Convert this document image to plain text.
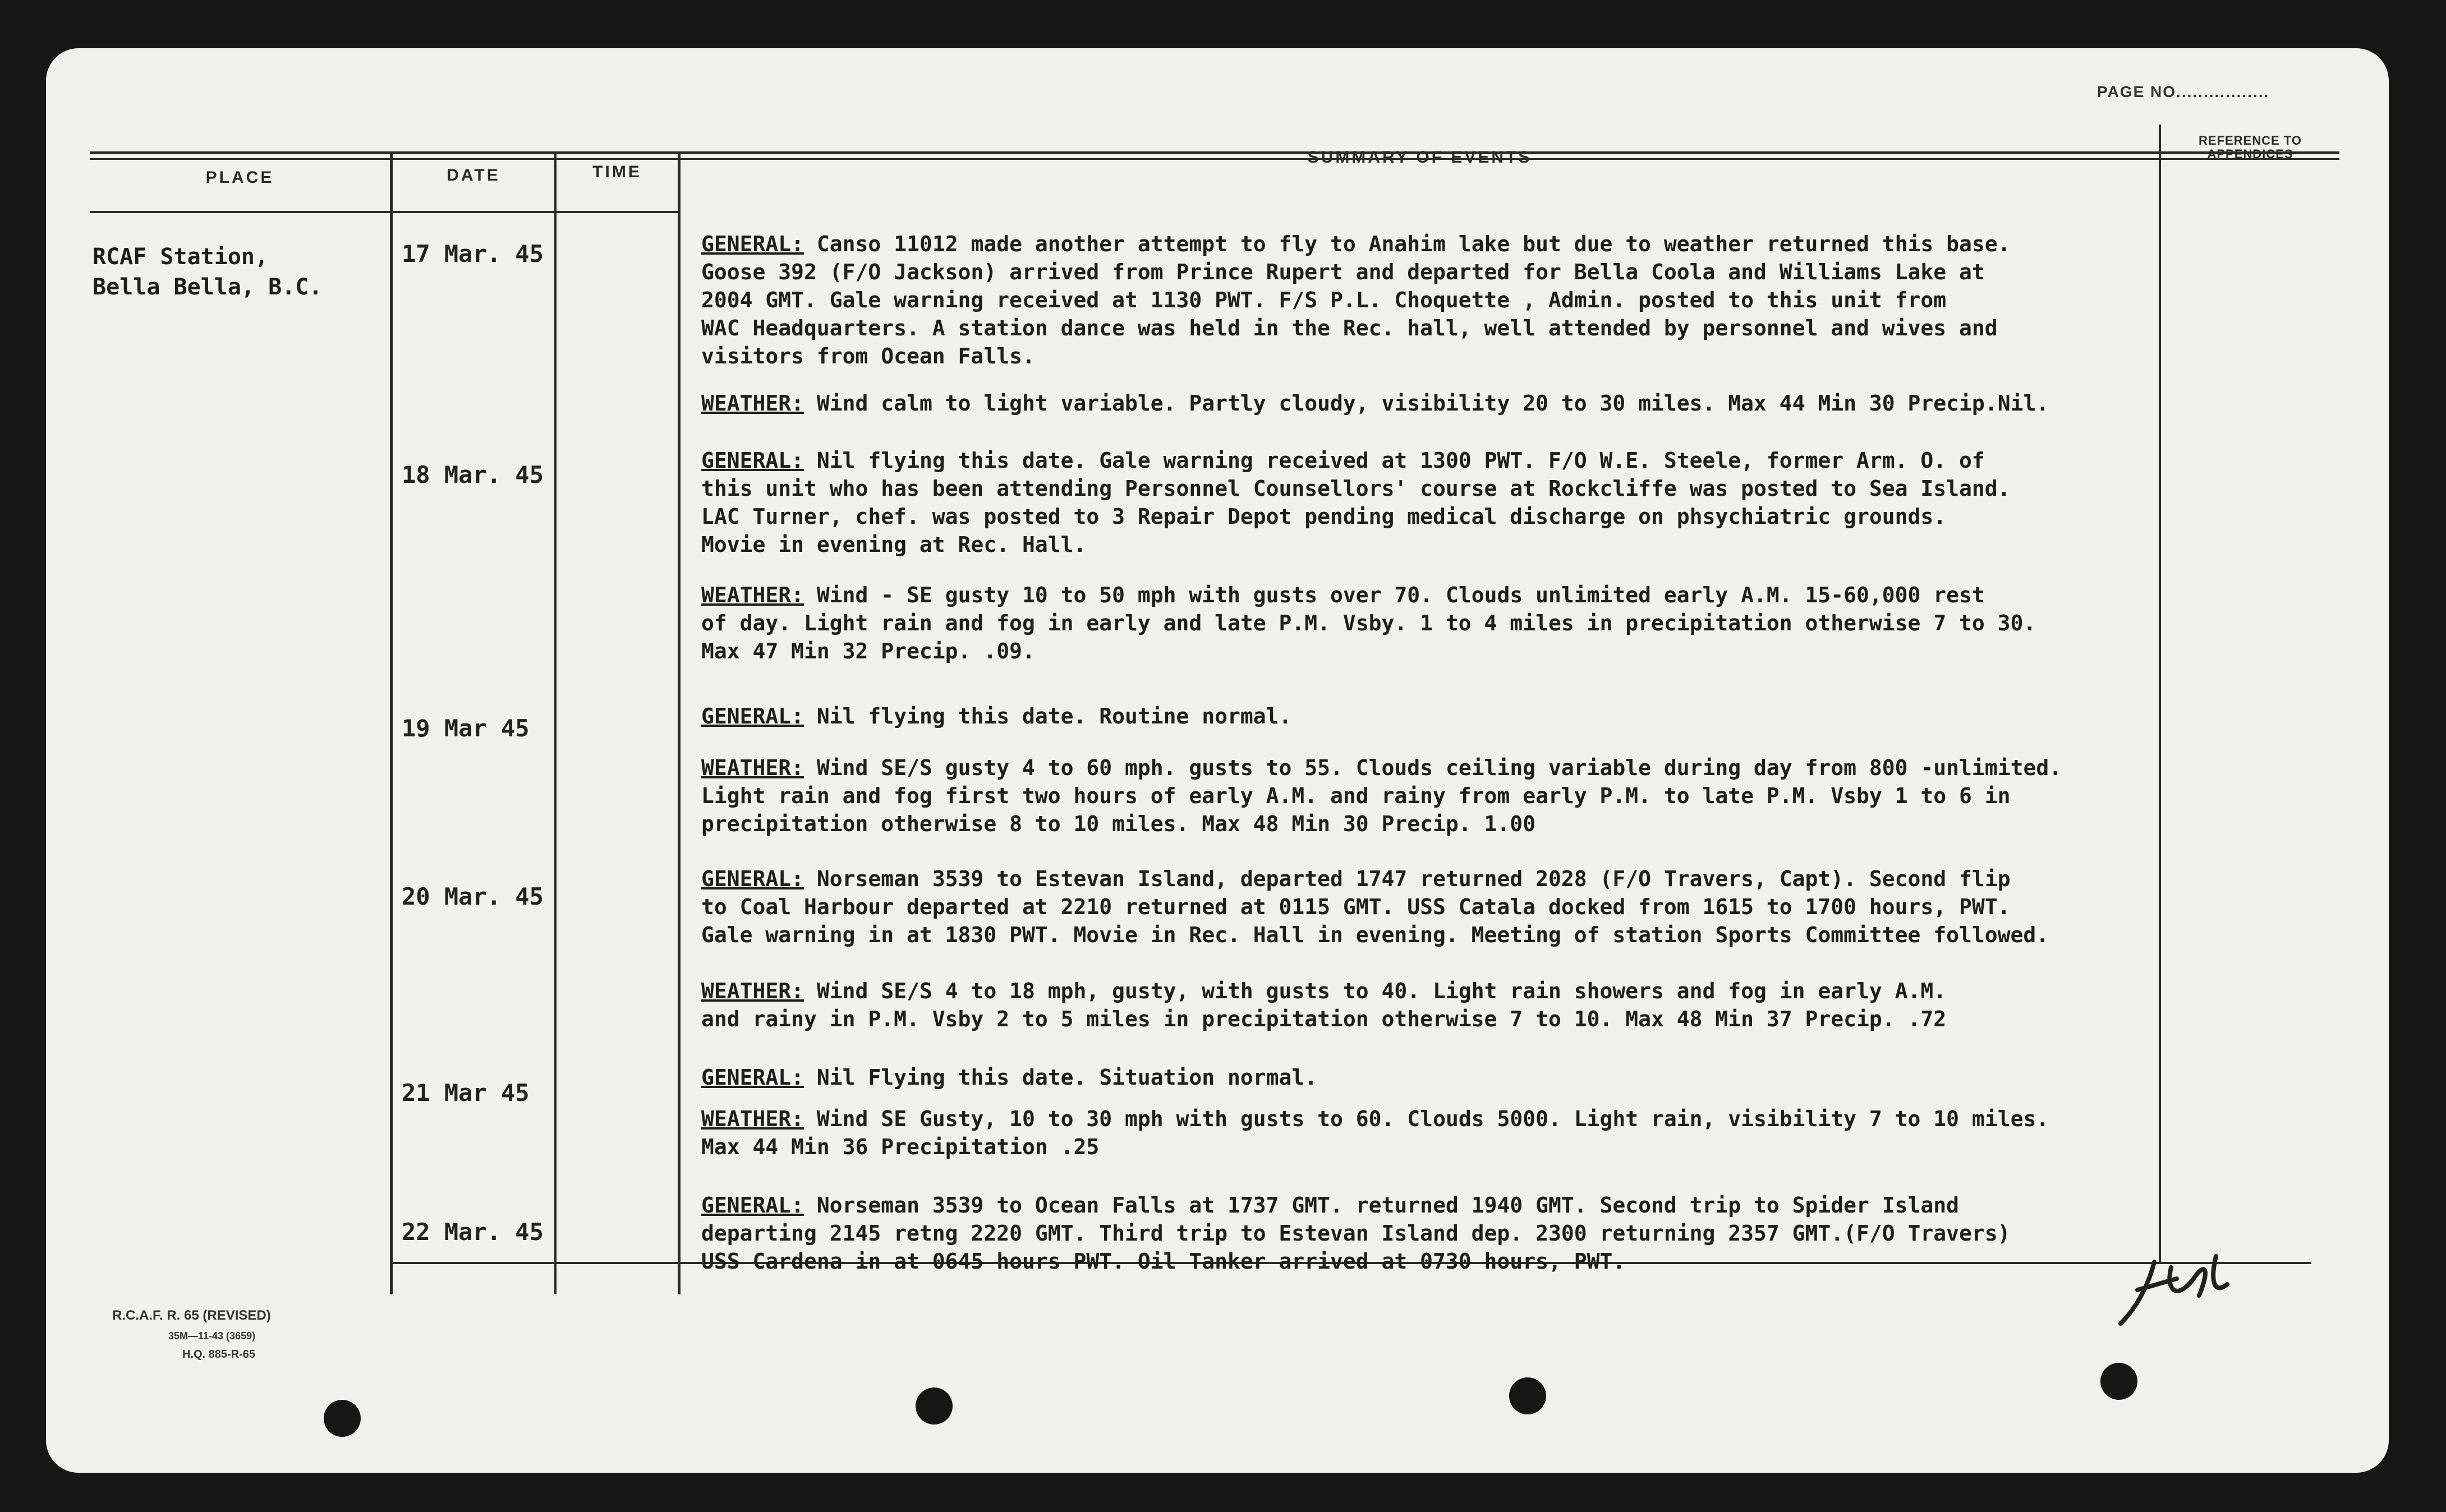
PAGE NO.................
PLACE	DATE	TIME
SUMMARY OF EVENTS
REFERENCE TO
APPENDICES
RCAF Station,
Bella Bella, B.C.
17 Mar. 45
18 Mar. 45
19 Mar 45
20 Mar. 45
21 Mar 45
22 Mar. 45
GENERAL: Canso 11012 made another attempt to fly to Anahim lake but due to weather returned this base.
Goose 392 (F/O Jackson) arrived from Prince Rupert and departed for Bella Coola and Williams Lake at
2004 GMT. Gale warning received at 1130 PWT. F/S P.L. Choquette , Admin. posted to this unit from
WAC Headquarters. A station dance was held in the Rec. hall, well attended by personnel and wives and
visitors from Ocean Falls.
WEATHER: Wind calm to light variable. Partly cloudy, visibility 20 to 30 miles. Max 44 Min 30 Precip.Nil.
GENERAL: Nil flying this date. Gale warning received at 1300 PWT. F/O W.E. Steele, former Arm. O. of
this unit who has been attending Personnel Counsellors' course at Rockcliffe was posted to Sea Island.
LAC Turner, chef. was posted to 3 Repair Depot pending medical discharge on phsychiatric grounds.
Movie in evening at Rec. Hall.
WEATHER: Wind - SE gusty 10 to 50 mph with gusts over 70. Clouds unlimited early A.M. 15-60,000 rest
of day. Light rain and fog in early and late P.M. Vsby. 1 to 4 miles in precipitation otherwise 7 to 30.
Max 47 Min 32 Precip. .09.
GENERAL: Nil flying this date. Routine normal.
WEATHER: Wind SE/S gusty 4 to 60 mph. gusts to 55. Clouds ceiling variable during day from 800 -unlimited.
Light rain and fog first two hours of early A.M. and rainy from early P.M. to late P.M. Vsby 1 to 6 in
precipitation otherwise 8 to 10 miles. Max 48 Min 30 Precip. 1.00
GENERAL: Norseman 3539 to Estevan Island, departed 1747 returned 2028 (F/O Travers, Capt). Second flip
to Coal Harbour departed at 2210 returned at 0115 GMT. USS Catala docked from 1615 to 1700 hours, PWT.
Gale warning in at 1830 PWT. Movie in Rec. Hall in evening. Meeting of station Sports Committee followed.
WEATHER: Wind SE/S 4 to 18 mph, gusty, with gusts to 40. Light rain showers and fog in early A.M.
and rainy in P.M. Vsby 2 to 5 miles in precipitation otherwise 7 to 10. Max 48 Min 37 Precip. .72
GENERAL: Nil Flying this date. Situation normal.
WEATHER: Wind SE Gusty, 10 to 30 mph with gusts to 60. Clouds 5000. Light rain, visibility 7 to 10 miles.
Max 44 Min 36 Precipitation .25
GENERAL: Norseman 3539 to Ocean Falls at 1737 GMT. returned 1940 GMT. Second trip to Spider Island
departing 2145 retng 2220 GMT. Third trip to Estevan Island dep. 2300 returning 2357 GMT.(F/O Travers)
USS Cardena in at 0645 hours PWT. Oil Tanker arrived at 0730 hours, PWT.
R.C.A.F. R. 65 (REVISED)
35M—11-43 (3659)
H.Q. 885-R-65
